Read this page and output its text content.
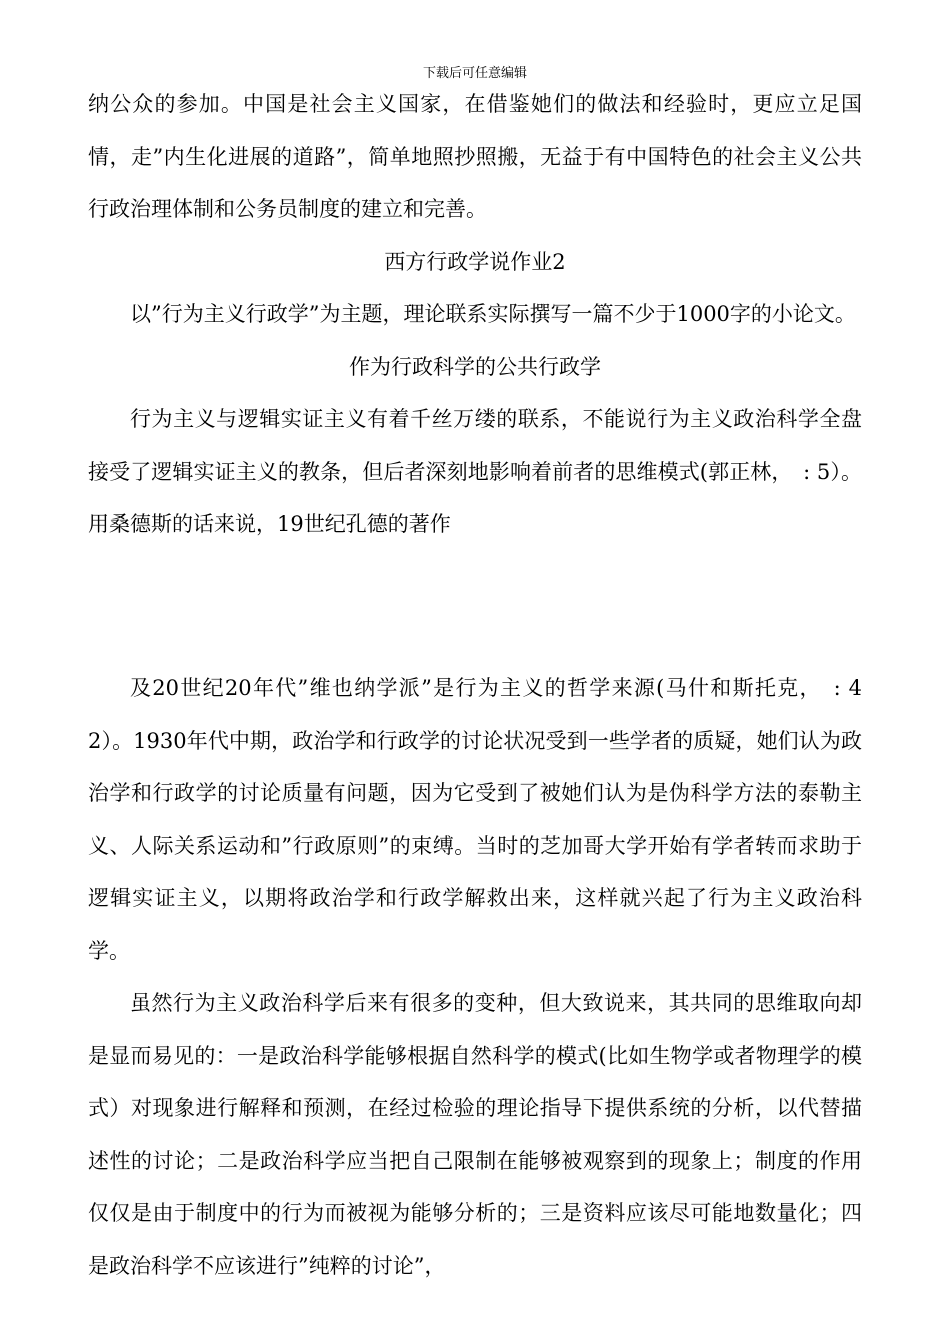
下载后可任意编辑

纳公众的参加。中国是社会主义国家，在借鉴她们的做法和经验时，更应立足国情，走”内生化进展的道路”，简单地照抄照搬，无益于有中国特色的社会主义公共行政治理体制和公务员制度的建立和完善。

西方行政学说作业2

以”行为主义行政学”为主题，理论联系实际撰写一篇不少于1000字的小论文。

作为行政科学的公共行政学

行为主义与逻辑实证主义有着千丝万缕的联系，不能说行为主义政治科学全盘接受了逻辑实证主义的教条，但后者深刻地影响着前者的思维模式(郭正林，　: 5）。用桑德斯的话来说，19世纪孔德的著作

及20世纪20年代”维也纳学派”是行为主义的哲学来源(马什和斯托克，　: 42）。1930年代中期，政治学和行政学的讨论状况受到一些学者的质疑，她们认为政治学和行政学的讨论质量有问题，因为它受到了被她们认为是伪科学方法的泰勒主义、人际关系运动和”行政原则”的束缚。当时的芝加哥大学开始有学者转而求助于逻辑实证主义，以期将政治学和行政学解救出来，这样就兴起了行为主义政治科学。

虽然行为主义政治科学后来有很多的变种，但大致说来，其共同的思维取向却是显而易见的：一是政治科学能够根据自然科学的模式(比如生物学或者物理学的模式）对现象进行解释和预测，在经过检验的理论指导下提供系统的分析，以代替描述性的讨论；二是政治科学应当把自己限制在能够被观察到的现象上；制度的作用仅仅是由于制度中的行为而被视为能够分析的；三是资料应该尽可能地数量化；四是政治科学不应该进行”纯粹的讨论”，
